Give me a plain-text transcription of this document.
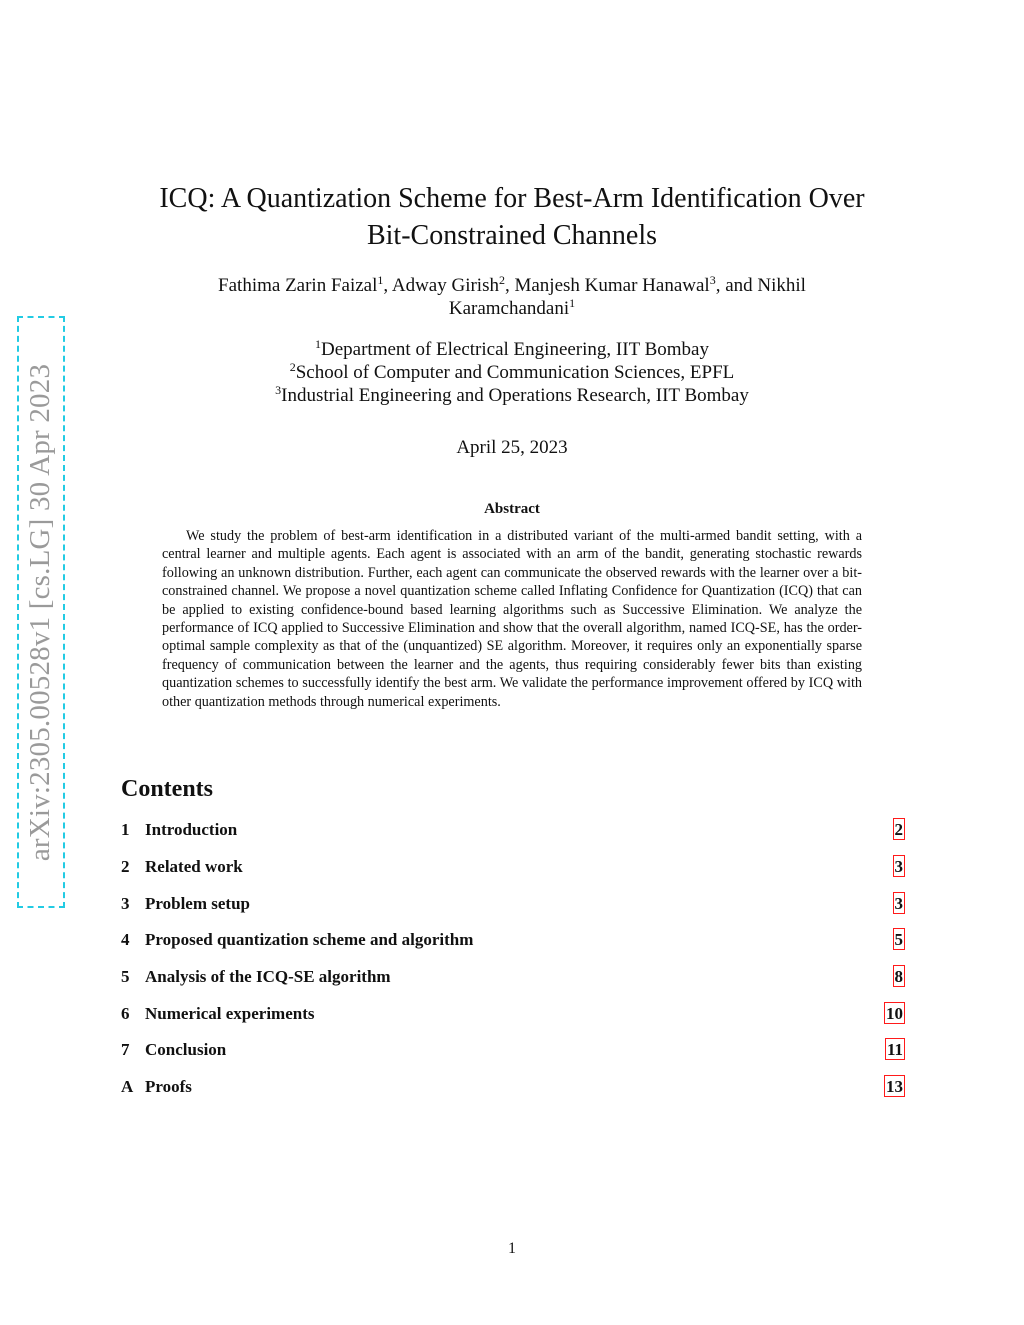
arXiv:2305.00528v1 [cs.LG] 30 Apr 2023
ICQ: A Quantization Scheme for Best-Arm Identification Over
Bit-Constrained Channels
Fathima Zarin Faizal$^1$, Adway Girish$^2$, Manjesh Kumar Hanawal$^3$, and Nikhil Karamchandani$^1$
$^1$Department of Electrical Engineering, IIT Bombay
$^2$School of Computer and Communication Sciences, EPFL
$^3$Industrial Engineering and Operations Research, IIT Bombay
April 25, 2023
Abstract

We study the problem of best-arm identification in a distributed variant of the multi-armed bandit setting, with a central learner and multiple agents. Each agent is associated with an arm of the bandit, generating stochastic rewards following an unknown distribution. Further, each agent can communicate the observed rewards with the learner over a bit-constrained channel. We propose a novel quantization scheme called Inflating Confidence for Quantization (ICQ) that can be applied to existing confidence-bound based learning algorithms such as Successive Elimination. We analyze the performance of ICQ applied to Successive Elimination and show that the overall algorithm, named ICQ-SE, has the order-optimal sample complexity as that of the (unquantized) SE algorithm. Moreover, it requires only an exponentially sparse frequency of communication between the learner and the agents, thus requiring considerably fewer bits than existing quantization schemes to successfully identify the best arm. We validate the performance improvement offered by ICQ with other quantization methods through numerical experiments.

Contents
1 Introduction	2
2 Related work	3
3 Problem setup	3
4 Proposed quantization scheme and algorithm	5
5 Analysis of the ICQ-SE algorithm	8
6 Numerical experiments	10
7 Conclusion	11
A Proofs	13
1
